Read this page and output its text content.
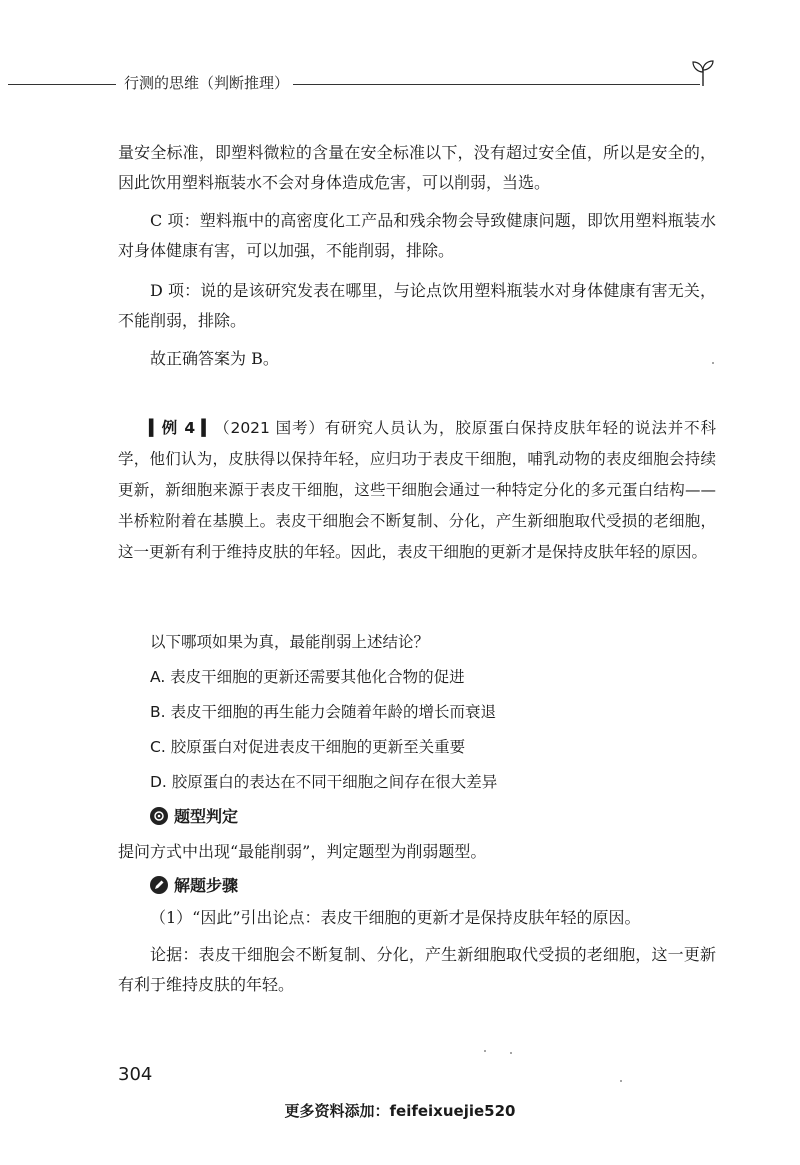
行测的思维（判断推理）

量安全标准，即塑料微粒的含量在安全标准以下，没有超过安全值，所以是安全的，因此饮用塑料瓶装水不会对身体造成危害，可以削弱，当选。

C 项：塑料瓶中的高密度化工产品和残余物会导致健康问题，即饮用塑料瓶装水对身体健康有害，可以加强，不能削弱，排除。

D 项：说的是该研究发表在哪里，与论点饮用塑料瓶装水对身体健康有害无关，不能削弱，排除。

故正确答案为 B。

▍例 4 ▍（2021 国考）有研究人员认为，胶原蛋白保持皮肤年轻的说法并不科学，他们认为，皮肤得以保持年轻，应归功于表皮干细胞，哺乳动物的表皮细胞会持续更新，新细胞来源于表皮干细胞，这些干细胞会通过一种特定分化的多元蛋白结构——半桥粒附着在基膜上。表皮干细胞会不断复制、分化，产生新细胞取代受损的老细胞，这一更新有利于维持皮肤的年轻。因此，表皮干细胞的更新才是保持皮肤年轻的原因。

以下哪项如果为真，最能削弱上述结论？

A. 表皮干细胞的更新还需要其他化合物的促进

B. 表皮干细胞的再生能力会随着年龄的增长而衰退

C. 胶原蛋白对促进表皮干细胞的更新至关重要

D. 胶原蛋白的表达在不同干细胞之间存在很大差异

题型判定

提问方式中出现“最能削弱”，判定题型为削弱题型。

解题步骤

（1）“因此”引出论点：表皮干细胞的更新才是保持皮肤年轻的原因。

论据：表皮干细胞会不断复制、分化，产生新细胞取代受损的老细胞，这一更新有利于维持皮肤的年轻。

304
更多资料添加：feifeixuejie520
